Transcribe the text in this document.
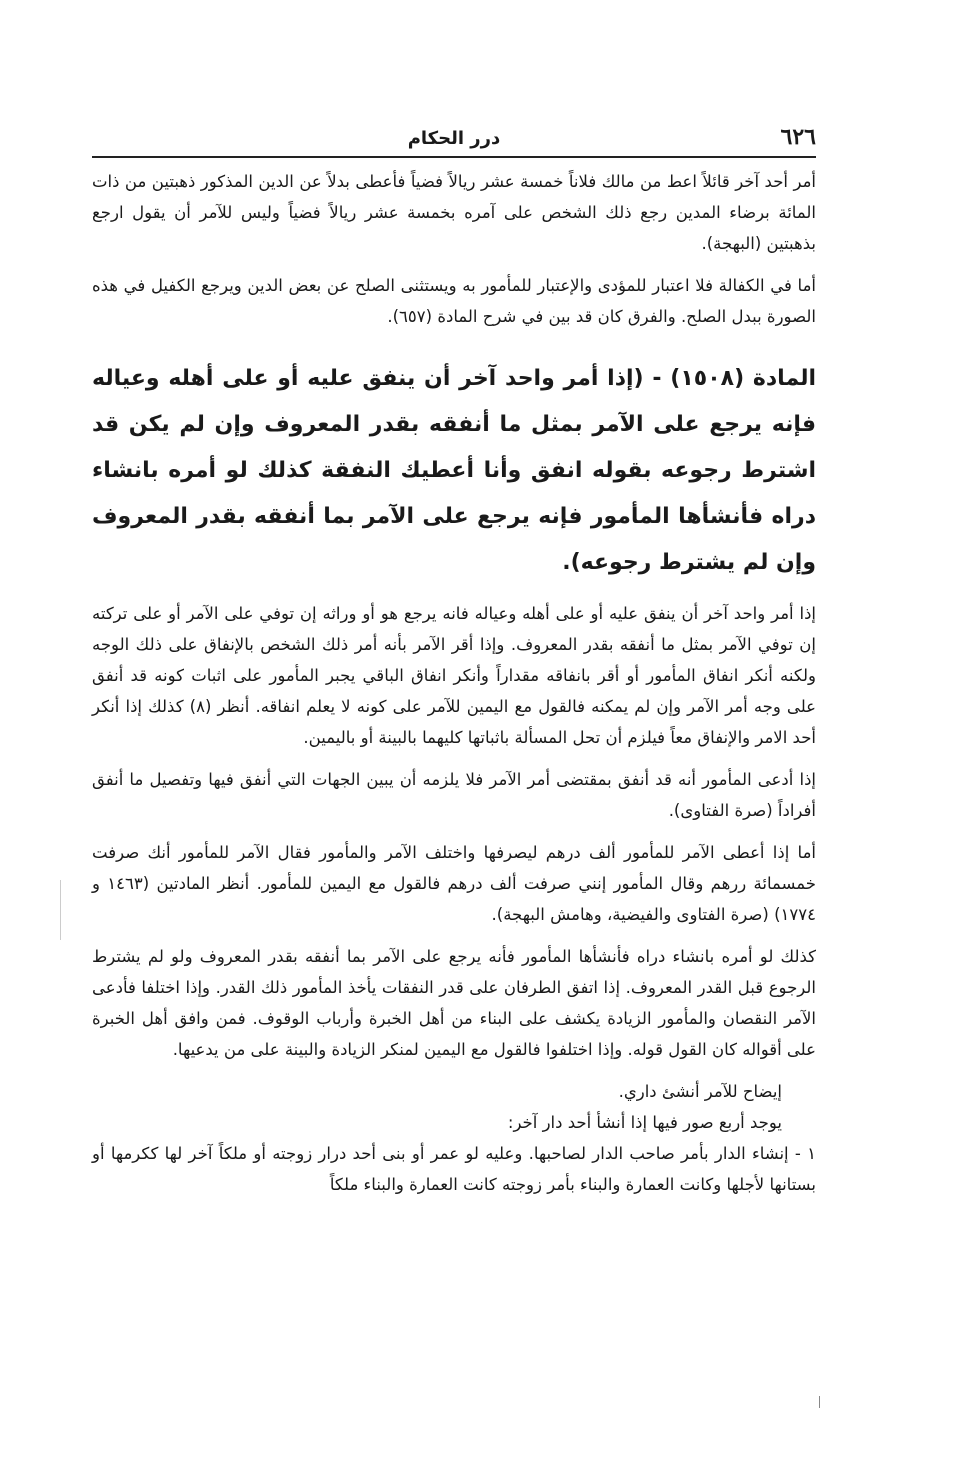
٦٢٦
درر الحكام

أمر أحد آخر قائلاً اعط من مالك فلاناً خمسة عشر ريالاً فضياً فأعطى بدلاً عن الدين المذكور ذهبتين من ذات المائة برضاء المدين رجع ذلك الشخص على آمره بخمسة عشر ريالاً فضياً وليس للآمر أن يقول ارجع بذهبتين (البهجة).

أما في الكفالة فلا اعتبار للمؤدى والإعتبار للمأمور به ويستثنى الصلح عن بعض الدين ويرجع الكفيل في هذه الصورة ببدل الصلح. والفرق كان قد بين في شرح المادة (٦٥٧).

المادة (١٥٠٨) - (إذا أمر واحد آخر أن ينفق عليه أو على أهله وعياله فإنه يرجع على الآمر بمثل ما أنفقه بقدر المعروف وإن لم يكن قد اشترط رجوعه بقوله انفق وأنا أعطيك النفقة كذلك لو أمره بانشاء دراه فأنشأها المأمور فإنه يرجع على الآمر بما أنفقه بقدر المعروف وإن لم يشترط رجوعه).

إذا أمر واحد آخر أن ينفق عليه أو على أهله وعياله فانه يرجع هو أو وراثه إن توفي على الآمر أو على تركته إن توفي الآمر بمثل ما أنفقه بقدر المعروف. وإذا أقر الآمر بأنه أمر ذلك الشخص بالإنفاق على ذلك الوجه ولكنه أنكر انفاق المأمور أو أقر بانفاقه مقداراً وأنكر انفاق الباقي يجبر المأمور على اثبات كونه قد أنفق على وجه أمر الآمر وإن لم يمكنه فالقول مع اليمين للآمر على كونه لا يعلم انفاقه. أنظر (٨) كذلك إذا أنكر أحد الامر والإنفاق معاً فيلزم أن تحل المسألة باثباتها كليهما بالبينة أو باليمين.

إذا أدعى المأمور أنه قد أنفق بمقتضى أمر الآمر فلا يلزمه أن يبين الجهات التي أنفق فيها وتفصيل ما أنفق أفراداً (صرة الفتاوى).

أما إذا أعطى الآمر للمأمور ألف درهم ليصرفها واختلف الآمر والمأمور فقال الآمر للمأمور أنك صرفت خمسمائة ررهم وقال المأمور إنني صرفت ألف درهم فالقول مع اليمين للمأمور. أنظر المادتين (١٤٦٣ و ١٧٧٤) (صرة الفتاوى والفيضية، وهامش البهجة).

كذلك لو أمره بانشاء دراه فأنشأها المأمور فأنه يرجع على الآمر بما أنفقه بقدر المعروف ولو لم يشترط الرجوع قبل القدر المعروف. إذا اتفق الطرفان على قدر النفقات يأخذ المأمور ذلك القدر. وإذا اختلفا فأدعى الآمر النقصان والمأمور الزيادة يكشف على البناء من أهل الخبرة وأرباب الوقوف. فمن وافق أهل الخبرة على أقواله كان القول قوله. وإذا اختلفوا فالقول مع اليمين لمنكر الزيادة والبينة على من يدعيها.

إيضاح للآمر أنشئ داري.

يوجد أربع صور فيها إذا أنشأ أحد دار آخر:

١ - إنشاء الدار بأمر صاحب الدار لصاحبها. وعليه لو عمر أو بنى أحد درار زوجته أو ملكاً آخر لها ككرمها أو بستانها لأجلها وكانت العمارة والبناء بأمر زوجته كانت العمارة والبناء ملكاً
